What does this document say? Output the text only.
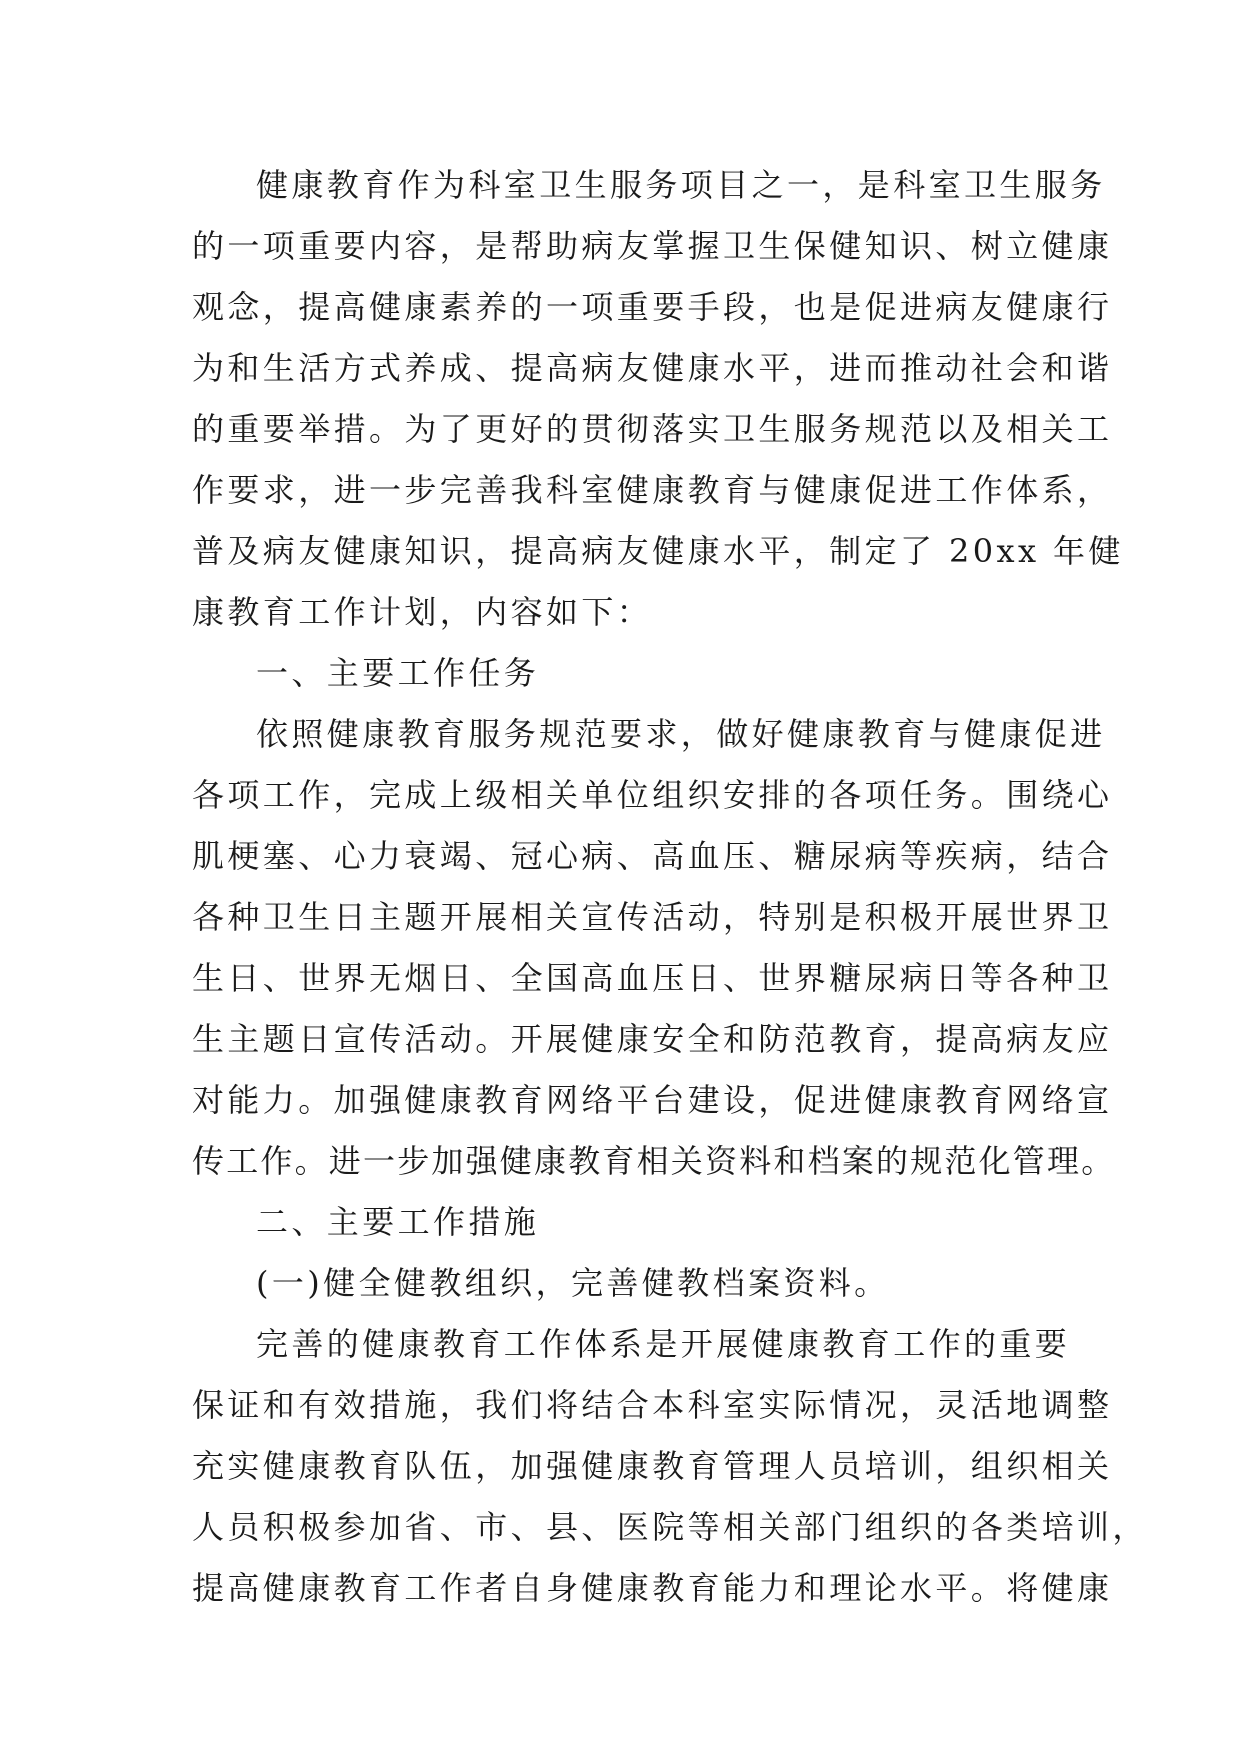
健康教育作为科室卫生服务项目之一，是科室卫生服务
的一项重要内容，是帮助病友掌握卫生保健知识、树立健康
观念，提高健康素养的一项重要手段，也是促进病友健康行
为和生活方式养成、提高病友健康水平，进而推动社会和谐
的重要举措。为了更好的贯彻落实卫生服务规范以及相关工
作要求，进一步完善我科室健康教育与健康促进工作体系，
普及病友健康知识，提高病友健康水平，制定了 20xx 年健
康教育工作计划，内容如下：
一、主要工作任务
依照健康教育服务规范要求，做好健康教育与健康促进
各项工作，完成上级相关单位组织安排的各项任务。围绕心
肌梗塞、心力衰竭、冠心病、高血压、糖尿病等疾病，结合
各种卫生日主题开展相关宣传活动，特别是积极开展世界卫
生日、世界无烟日、全国高血压日、世界糖尿病日等各种卫
生主题日宣传活动。开展健康安全和防范教育，提高病友应
对能力。加强健康教育网络平台建设，促进健康教育网络宣
传工作。进一步加强健康教育相关资料和档案的规范化管理。
二、主要工作措施
(一)健全健教组织，完善健教档案资料。
完善的健康教育工作体系是开展健康教育工作的重要
保证和有效措施，我们将结合本科室实际情况，灵活地调整
充实健康教育队伍，加强健康教育管理人员培训，组织相关
人员积极参加省、市、县、医院等相关部门组织的各类培训，
提高健康教育工作者自身健康教育能力和理论水平。将健康
